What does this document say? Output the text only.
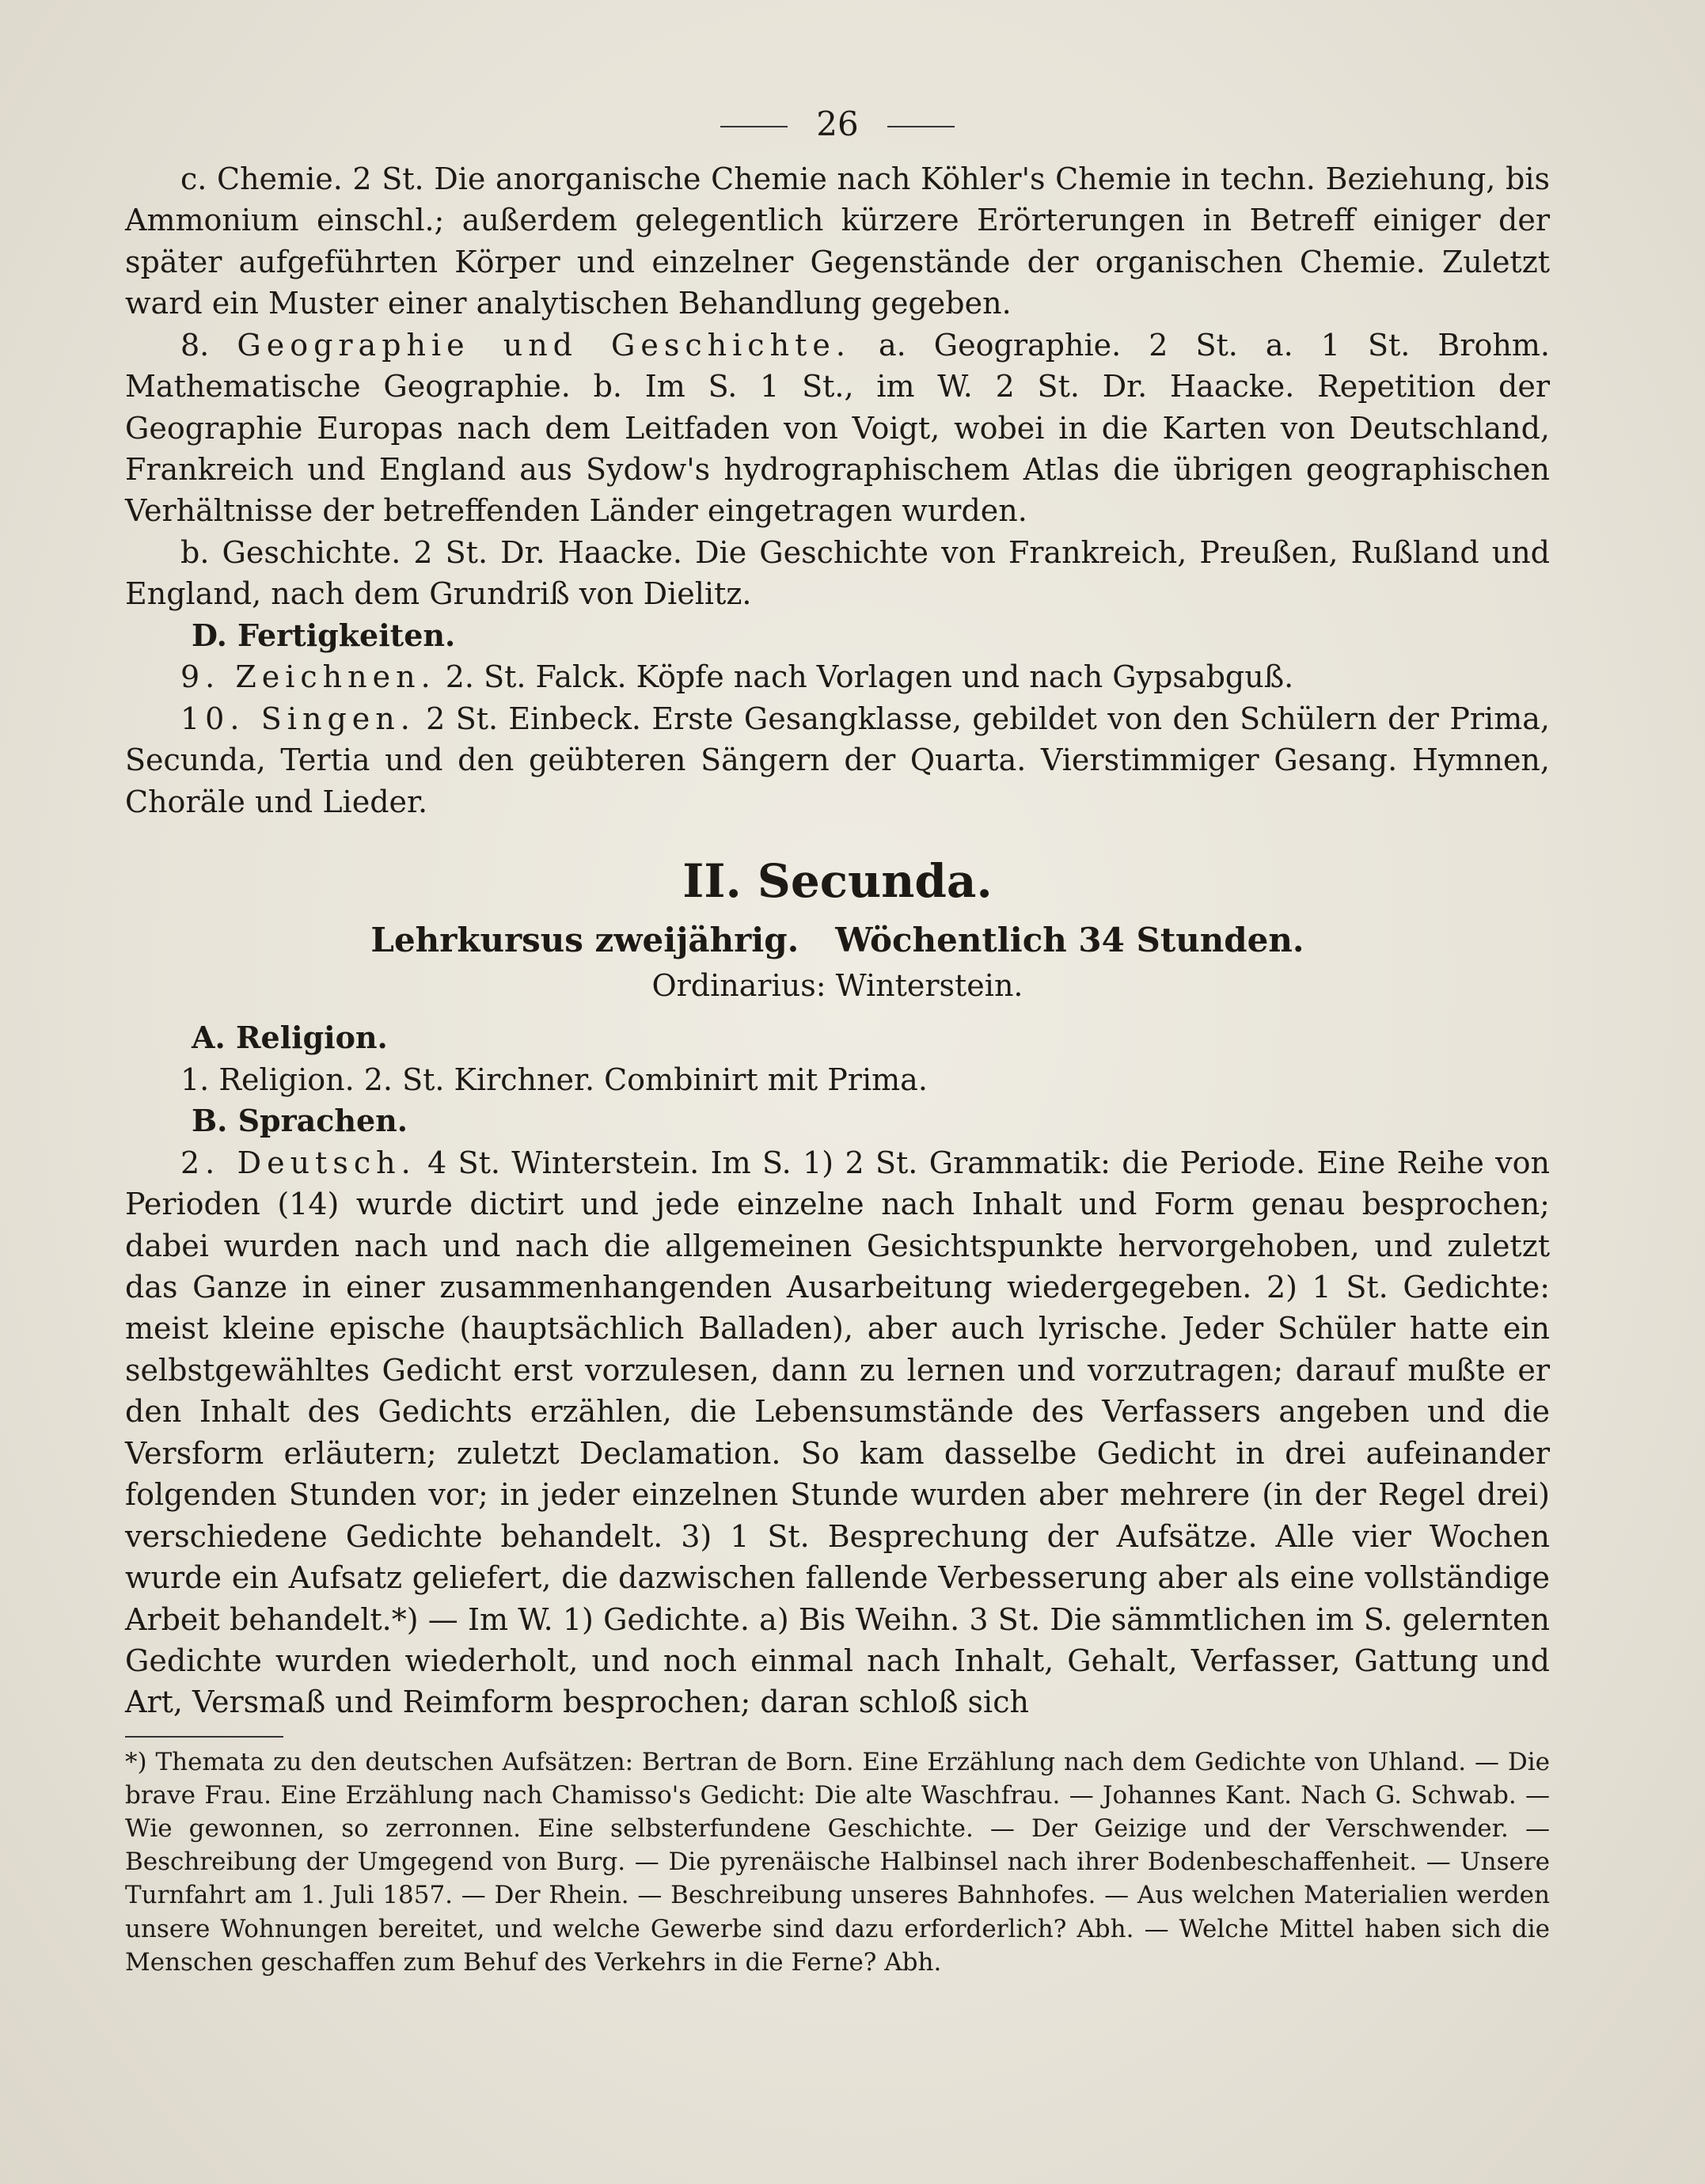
26

c. Chemie. 2 St. Die anorganische Chemie nach Köhler's Chemie in techn. Beziehung, bis Ammonium einschl.; außerdem gelegentlich kürzere Erörterungen in Betreff einiger der später aufgeführten Körper und einzelner Gegenstände der organischen Chemie. Zuletzt ward ein Muster einer analytischen Behandlung gegeben.

8. Geographie und Geschichte. a. Geographie. 2 St. a. 1 St. Brohm. Mathematische Geographie. b. Im S. 1 St., im W. 2 St. Dr. Haacke. Repetition der Geographie Europas nach dem Leitfaden von Voigt, wobei in die Karten von Deutschland, Frankreich und England aus Sydow's hydrographischem Atlas die übrigen geographischen Verhältnisse der betreffenden Länder eingetragen wurden.

b. Geschichte. 2 St. Dr. Haacke. Die Geschichte von Frankreich, Preußen, Rußland und England, nach dem Grundriß von Dielitz.

D. Fertigkeiten.

9. Zeichnen. 2. St. Falck. Köpfe nach Vorlagen und nach Gypsabguß.

10. Singen. 2 St. Einbeck. Erste Gesangklasse, gebildet von den Schülern der Prima, Secunda, Tertia und den geübteren Sängern der Quarta. Vierstimmiger Gesang. Hymnen, Choräle und Lieder.

II. Secunda.
Lehrkursus zweijährig. Wöchentlich 34 Stunden.
Ordinarius: Winterstein.

A. Religion.

1. Religion. 2. St. Kirchner. Combinirt mit Prima.

B. Sprachen.

2. Deutsch. 4 St. Winterstein. Im S. 1) 2 St. Grammatik: die Periode. Eine Reihe von Perioden (14) wurde dictirt und jede einzelne nach Inhalt und Form genau besprochen; dabei wurden nach und nach die allgemeinen Gesichtspunkte hervorgehoben, und zuletzt das Ganze in einer zusammenhangenden Ausarbeitung wiedergegeben. 2) 1 St. Gedichte: meist kleine epische (hauptsächlich Balladen), aber auch lyrische. Jeder Schüler hatte ein selbstgewähltes Gedicht erst vorzulesen, dann zu lernen und vorzutragen; darauf mußte er den Inhalt des Gedichts erzählen, die Lebensumstände des Verfassers angeben und die Versform erläutern; zuletzt Declamation. So kam dasselbe Gedicht in drei aufeinander folgenden Stunden vor; in jeder einzelnen Stunde wurden aber mehrere (in der Regel drei) verschiedene Gedichte behandelt. 3) 1 St. Besprechung der Aufsätze. Alle vier Wochen wurde ein Aufsatz geliefert, die dazwischen fallende Verbesserung aber als eine vollständige Arbeit behandelt.*) — Im W. 1) Gedichte. a) Bis Weihn. 3 St. Die sämmtlichen im S. gelernten Gedichte wurden wiederholt, und noch einmal nach Inhalt, Gehalt, Verfasser, Gattung und Art, Versmaß und Reimform besprochen; daran schloß sich

*) Themata zu den deutschen Aufsätzen: Bertran de Born. Eine Erzählung nach dem Gedichte von Uhland. — Die brave Frau. Eine Erzählung nach Chamisso's Gedicht: Die alte Waschfrau. — Johannes Kant. Nach G. Schwab. — Wie gewonnen, so zerronnen. Eine selbsterfundene Geschichte. — Der Geizige und der Verschwender. — Beschreibung der Umgegend von Burg. — Die pyrenäische Halbinsel nach ihrer Bodenbeschaffenheit. — Unsere Turnfahrt am 1. Juli 1857. — Der Rhein. — Beschreibung unseres Bahnhofes. — Aus welchen Materialien werden unsere Wohnungen bereitet, und welche Gewerbe sind dazu erforderlich? Abh. — Welche Mittel haben sich die Menschen geschaffen zum Behuf des Verkehrs in die Ferne? Abh.
